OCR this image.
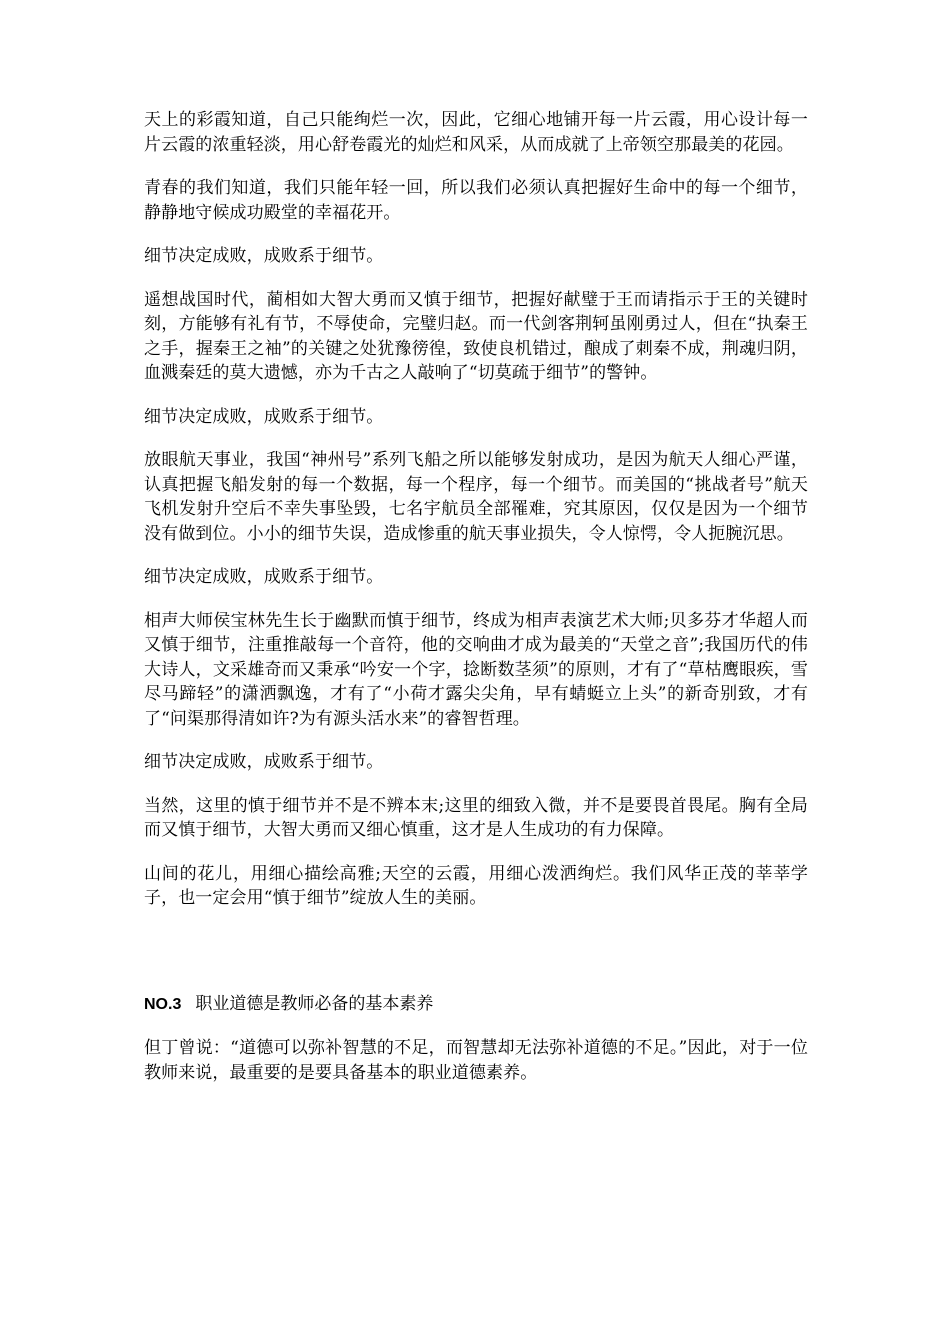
天上的彩霞知道，自己只能绚烂一次，因此，它细心地铺开每一片云霞，用心设计每一片云霞的浓重轻淡，用心舒卷霞光的灿烂和风采，从而成就了上帝领空那最美的花园。

青春的我们知道，我们只能年轻一回，所以我们必须认真把握好生命中的每一个细节，静静地守候成功殿堂的幸福花开。

细节决定成败，成败系于细节。

遥想战国时代，蔺相如大智大勇而又慎于细节，把握好献璧于王而请指示于王的关键时刻，方能够有礼有节，不辱使命，完璧归赵。而一代剑客荆轲虽刚勇过人，但在“执秦王之手，握秦王之袖”的关键之处犹豫徬徨，致使良机错过，酿成了刺秦不成，荆魂归阴，血溅秦廷的莫大遗憾，亦为千古之人敲响了“切莫疏于细节”的警钟。

细节决定成败，成败系于细节。

放眼航天事业，我国“神州号”系列飞船之所以能够发射成功，是因为航天人细心严谨，认真把握飞船发射的每一个数据，每一个程序，每一个细节。而美国的“挑战者号”航天飞机发射升空后不幸失事坠毁，七名宇航员全部罹难，究其原因，仅仅是因为一个细节没有做到位。小小的细节失误，造成惨重的航天事业损失，令人惊愕，令人扼腕沉思。

细节决定成败，成败系于细节。

相声大师侯宝林先生长于幽默而慎于细节，终成为相声表演艺术大师;贝多芬才华超人而又慎于细节，注重推敲每一个音符，他的交响曲才成为最美的“天堂之音”;我国历代的伟大诗人，文采雄奇而又秉承“吟安一个字，捻断数茎须”的原则，才有了“草枯鹰眼疾，雪尽马蹄轻”的潇洒飘逸，才有了“小荷才露尖尖角，早有蜻蜓立上头”的新奇别致，才有了“问渠那得清如许?为有源头活水来”的睿智哲理。

细节决定成败，成败系于细节。

当然，这里的慎于细节并不是不辨本末;这里的细致入微，并不是要畏首畏尾。胸有全局而又慎于细节，大智大勇而又细心慎重，这才是人生成功的有力保障。

山间的花儿，用细心描绘高雅;天空的云霞，用细心泼洒绚烂。我们风华正茂的莘莘学子，也一定会用“慎于细节”绽放人生的美丽。

NO.3 职业道德是教师必备的基本素养

但丁曾说：“道德可以弥补智慧的不足，而智慧却无法弥补道德的不足。”因此，对于一位教师来说，最重要的是要具备基本的职业道德素养。
